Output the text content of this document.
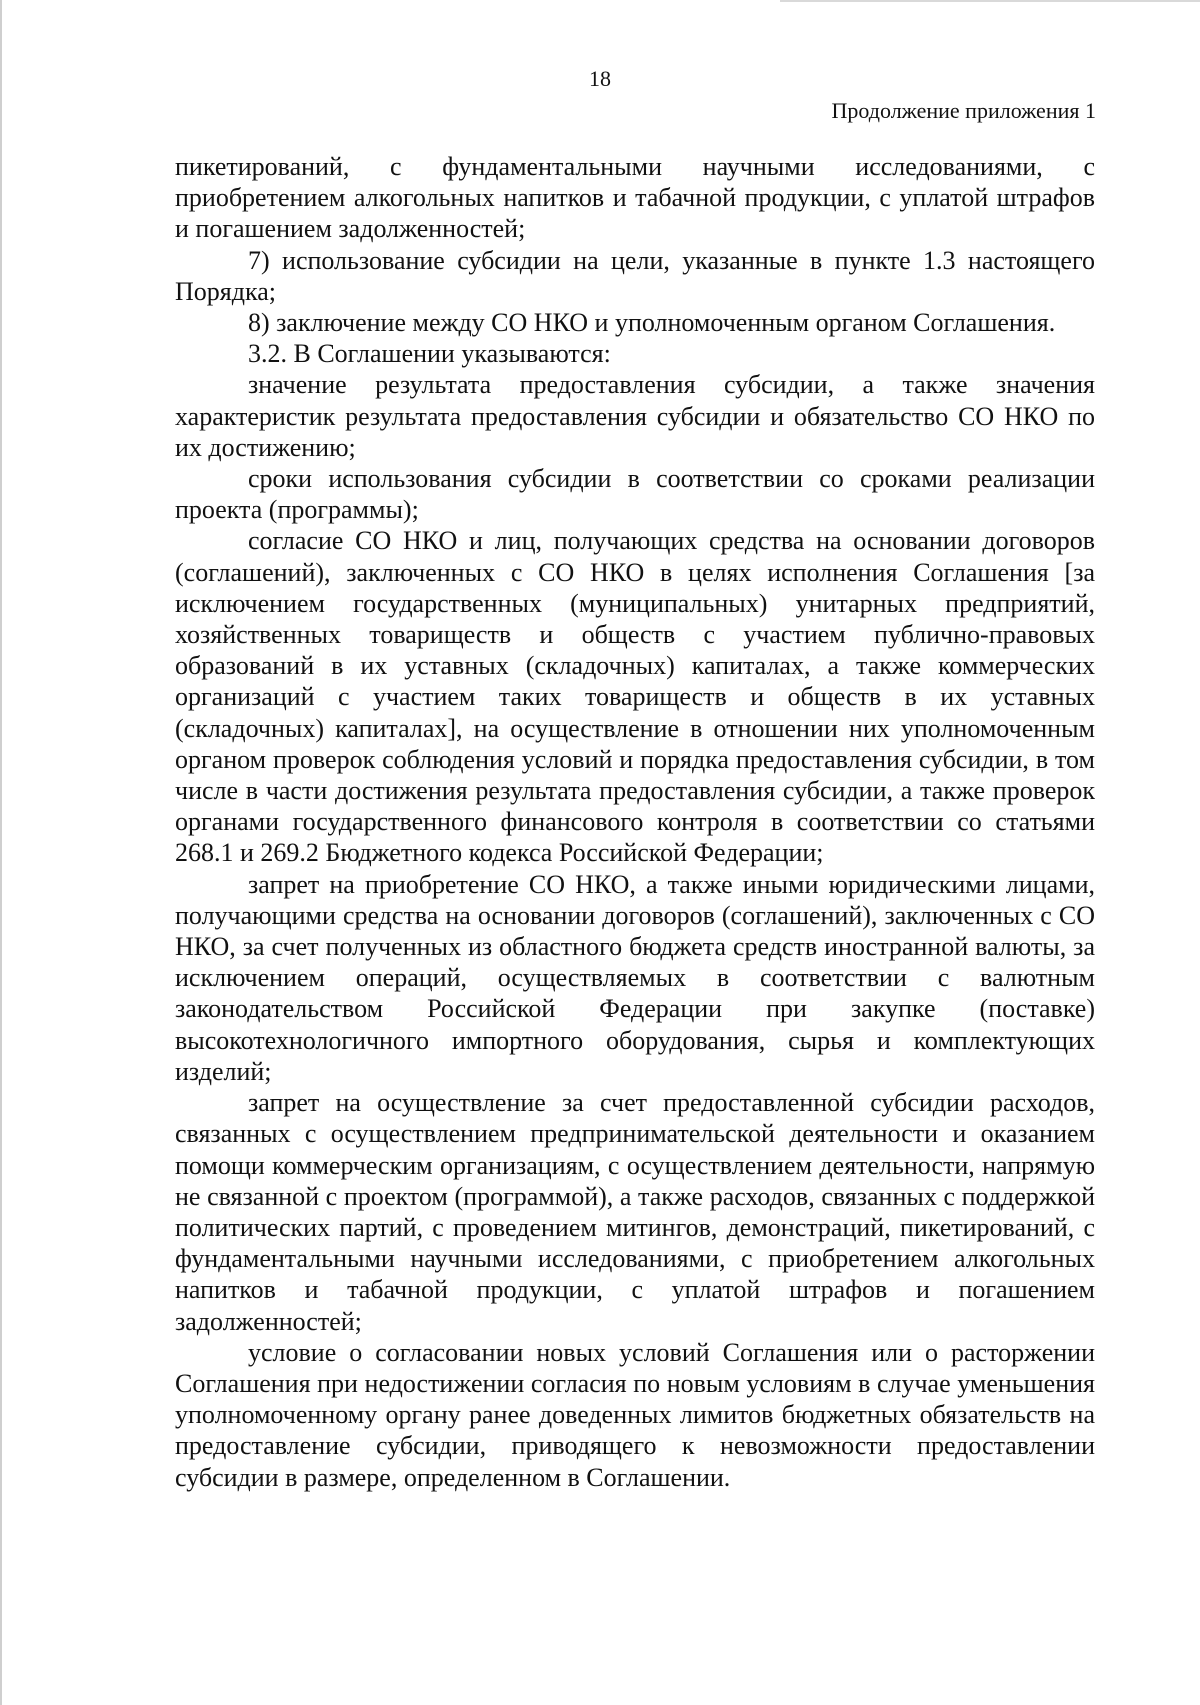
18
Продолжение приложения 1

пикетирований, с фундаментальными научными исследованиями, с приобретением алкогольных напитков и табачной продукции, с уплатой штрафов и погашением задолженностей;

7) использование субсидии на цели, указанные в пункте 1.3 настоящего Порядка;

8) заключение между СО НКО и уполномоченным органом Соглашения.

3.2. В Соглашении указываются:

значение результата предоставления субсидии, а также значения характеристик результата предоставления субсидии и обязательство СО НКО по их достижению;

сроки использования субсидии в соответствии со сроками реализации проекта (программы);

согласие СО НКО и лиц, получающих средства на основании договоров (соглашений), заключенных с СО НКО в целях исполнения Соглашения [за исключением государственных (муниципальных) унитарных предприятий, хозяйственных товариществ и обществ с участием публично-правовых образований в их уставных (складочных) капиталах, а также коммерческих организаций с участием таких товариществ и обществ в их уставных (складочных) капиталах], на осуществление в отношении них уполномоченным органом проверок соблюдения условий и порядка предоставления субсидии, в том числе в части достижения результата предоставления субсидии, а также проверок органами государственного финансового контроля в соответствии со статьями 268.1 и 269.2 Бюджетного кодекса Российской Федерации;

запрет на приобретение СО НКО, а также иными юридическими лицами, получающими средства на основании договоров (соглашений), заключенных с СО НКО, за счет полученных из областного бюджета средств иностранной валюты, за исключением операций, осуществляемых в соответствии с валютным законодательством Российской Федерации при закупке (поставке) высокотехнологичного импортного оборудования, сырья и комплектующих изделий;

запрет на осуществление за счет предоставленной субсидии расходов, связанных с осуществлением предпринимательской деятельности и оказанием помощи коммерческим организациям, с осуществлением деятельности, напрямую не связанной с проектом (программой), а также расходов, связанных с поддержкой политических партий, с проведением митингов, демонстраций, пикетирований, с фундаментальными научными исследованиями, с приобретением алкогольных напитков и табачной продукции, с уплатой штрафов и погашением задолженностей;

условие о согласовании новых условий Соглашения или о расторжении Соглашения при недостижении согласия по новым условиям в случае уменьшения уполномоченному органу ранее доведенных лимитов бюджетных обязательств на предоставление субсидии, приводящего к невозможности предоставлении субсидии в размере, определенном в Соглашении.
